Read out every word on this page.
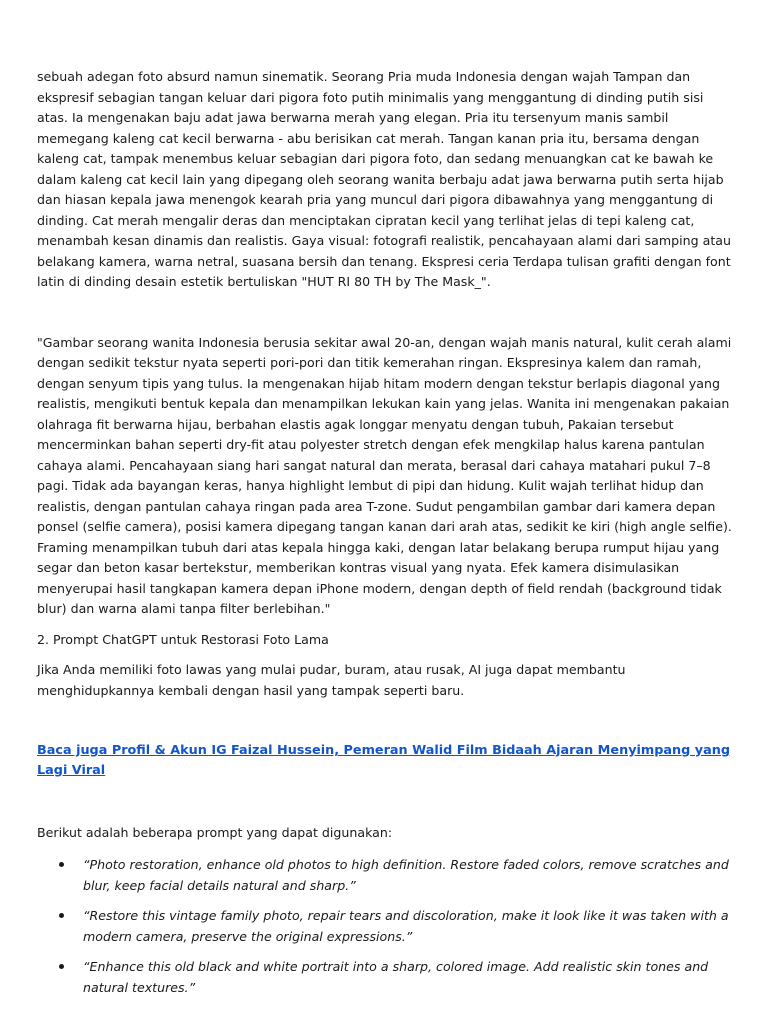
sebuah adegan foto absurd namun sinematik. Seorang Pria muda Indonesia dengan wajah Tampan dan ekspresif sebagian tangan keluar dari pigora foto putih minimalis yang menggantung di dinding putih sisi atas. Ia mengenakan baju adat jawa berwarna merah yang elegan. Pria itu tersenyum manis sambil memegang kaleng cat kecil berwarna - abu berisikan cat merah. Tangan kanan pria itu, bersama dengan kaleng cat, tampak menembus keluar sebagian dari pigora foto, dan sedang menuangkan cat ke bawah ke dalam kaleng cat kecil lain yang dipegang oleh seorang wanita berbaju adat jawa berwarna putih serta hijab dan hiasan kepala jawa menengok kearah pria yang muncul dari pigora dibawahnya yang menggantung di dinding. Cat merah mengalir deras dan menciptakan cipratan kecil yang terlihat jelas di tepi kaleng cat, menambah kesan dinamis dan realistis. Gaya visual: fotografi realistik, pencahayaan alami dari samping atau belakang kamera, warna netral, suasana bersih dan tenang. Ekspresi ceria Terdapa tulisan grafiti dengan font latin di dinding desain estetik bertuliskan "HUT RI 80 TH by The Mask_".

"Gambar seorang wanita Indonesia berusia sekitar awal 20-an, dengan wajah manis natural, kulit cerah alami dengan sedikit tekstur nyata seperti pori-pori dan titik kemerahan ringan. Ekspresinya kalem dan ramah, dengan senyum tipis yang tulus. Ia mengenakan hijab hitam modern dengan tekstur berlapis diagonal yang realistis, mengikuti bentuk kepala dan menampilkan lekukan kain yang jelas. Wanita ini mengenakan pakaian olahraga fit berwarna hijau, berbahan elastis agak longgar menyatu dengan tubuh, Pakaian tersebut mencerminkan bahan seperti dry-fit atau polyester stretch dengan efek mengkilap halus karena pantulan cahaya alami. Pencahayaan siang hari sangat natural dan merata, berasal dari cahaya matahari pukul 7–8 pagi. Tidak ada bayangan keras, hanya highlight lembut di pipi dan hidung. Kulit wajah terlihat hidup dan realistis, dengan pantulan cahaya ringan pada area T-zone. Sudut pengambilan gambar dari kamera depan ponsel (selfie camera), posisi kamera dipegang tangan kanan dari arah atas, sedikit ke kiri (high angle selfie). Framing menampilkan tubuh dari atas kepala hingga kaki, dengan latar belakang berupa rumput hijau yang segar dan beton kasar bertekstur, memberikan kontras visual yang nyata. Efek kamera disimulasikan menyerupai hasil tangkapan kamera depan iPhone modern, dengan depth of field rendah (background tidak blur) dan warna alami tanpa filter berlebihan."

2. Prompt ChatGPT untuk Restorasi Foto Lama

Jika Anda memiliki foto lawas yang mulai pudar, buram, atau rusak, AI juga dapat membantu menghidupkannya kembali dengan hasil yang tampak seperti baru.

Baca juga Profil & Akun IG Faizal Hussein, Pemeran Walid Film Bidaah Ajaran Menyimpang yang Lagi Viral

Berikut adalah beberapa prompt yang dapat digunakan:

“Photo restoration, enhance old photos to high definition. Restore faded colors, remove scratches and blur, keep facial details natural and sharp.”
“Restore this vintage family photo, repair tears and discoloration, make it look like it was taken with a modern camera, preserve the original expressions.”
“Enhance this old black and white portrait into a sharp, colored image. Add realistic skin tones and natural textures.”
